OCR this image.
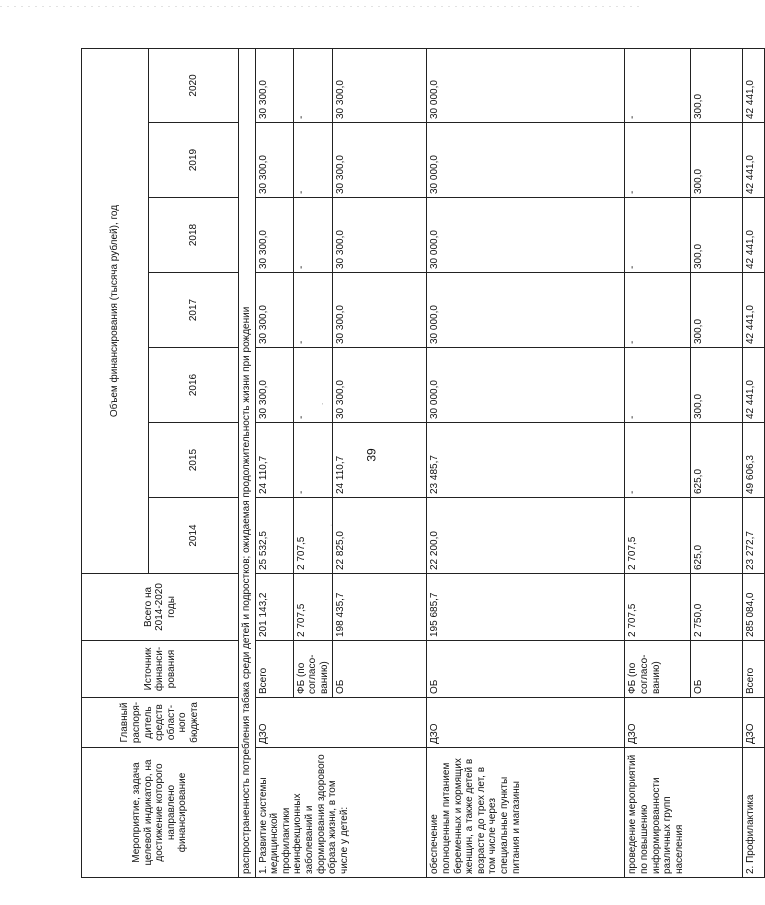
'
·
39
Мероприятие, задача целевой индикатор, на достижение которого направлено финансирование	Главный распоря-дитель средств област-ного бюджета	Источник финанси-рования	Всего на 2014-2020 годы	Объем финансирования (тысяча рублей), год						
				2014	2015	2016	2017	2018	2019	2020
распространенность потребления табака среди детей и подростков; ожидаемая продолжительность жизни при рождении										
1. Развитие системы медицинской профилактики неинфекционных заболеваний и формирования здорового образа жизни, в том числе у детей:	ДЗО	Всего	201 143,2	25 532,5	24 110,7	30 300,0	30 300,0	30 300,0	30 300,0	30 300,0
		ФБ (по согласо-ванию)	2 707,5	2 707,5	-	-	-	-	-	-
		ОБ	198 435,7	22 825,0	24 110,7	30 300,0	30 300,0	30 300,0	30 300,0	30 300,0
обеспечение полноценным питанием беременных и кормящих женщин, а также детей в возрасте до трех лет, в том числе через специальные пункты питания и магазины	ДЗО	ОБ	195 685,7	22 200,0	23 485,7	30 000,0	30 000,0	30 000,0	30 000,0	30 000,0
проведение мероприятий по повышению информированности различных групп населения	ДЗО	ФБ (по согласо-ванию)	2 707,5	2 707,5	-	-	-	-	-	-
		ОБ	2 750,0	625,0	625,0	300,0	300,0	300,0	300,0	300,0
2. Профилактика	ДЗО	Всего	285 084,0	23 272,7	49 606,3	42 441,0	42 441,0	42 441,0	42 441,0	42 441,0
